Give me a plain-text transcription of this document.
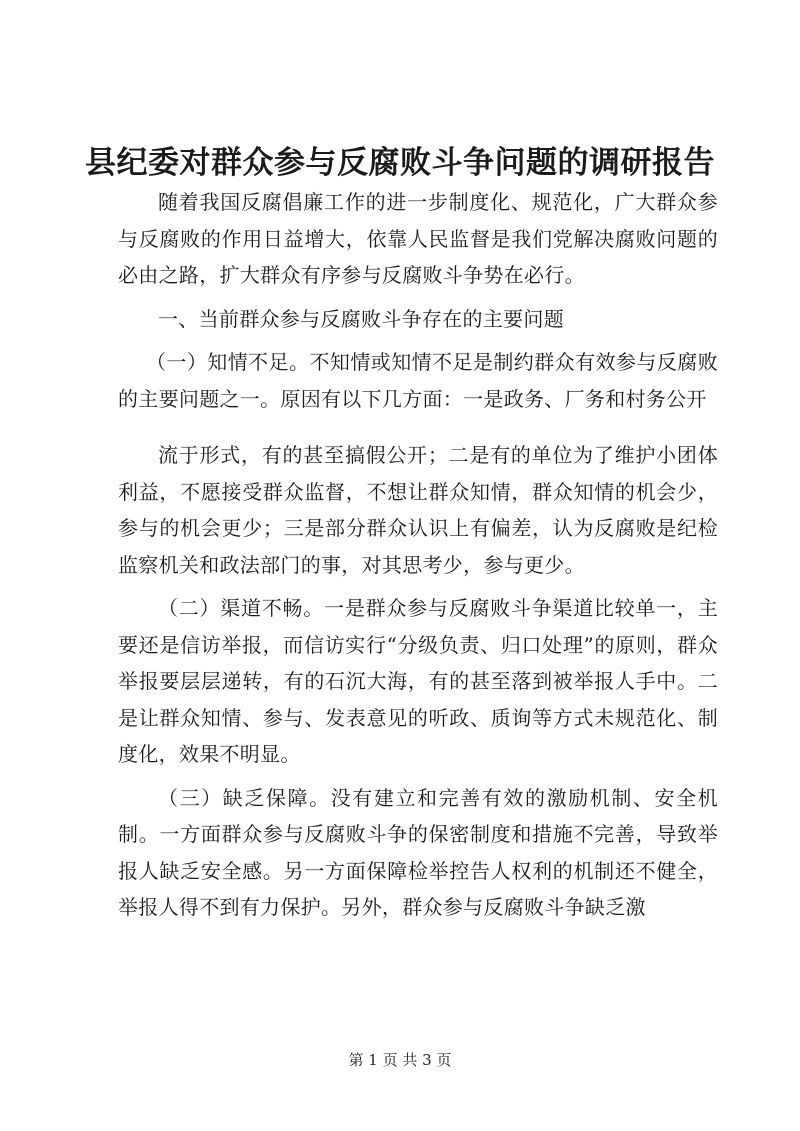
县纪委对群众参与反腐败斗争问题的调研报告

随着我国反腐倡廉工作的进一步制度化、规范化，广大群众参与反腐败的作用日益增大，依靠人民监督是我们党解决腐败问题的必由之路，扩大群众有序参与反腐败斗争势在必行。

一、当前群众参与反腐败斗争存在的主要问题

（一）知情不足。不知情或知情不足是制约群众有效参与反腐败的主要问题之一。原因有以下几方面：一是政务、厂务和村务公开

流于形式，有的甚至搞假公开；二是有的单位为了维护小团体利益，不愿接受群众监督，不想让群众知情，群众知情的机会少，参与的机会更少；三是部分群众认识上有偏差，认为反腐败是纪检监察机关和政法部门的事，对其思考少，参与更少。

（二）渠道不畅。一是群众参与反腐败斗争渠道比较单一，主要还是信访举报，而信访实行“分级负责、归口处理”的原则，群众举报要层层递转，有的石沉大海，有的甚至落到被举报人手中。二是让群众知情、参与、发表意见的听政、质询等方式未规范化、制度化，效果不明显。

（三）缺乏保障。没有建立和完善有效的激励机制、安全机制。一方面群众参与反腐败斗争的保密制度和措施不完善，导致举报人缺乏安全感。另一方面保障检举控告人权利的机制还不健全，举报人得不到有力保护。另外，群众参与反腐败斗争缺乏激

第 1 页 共 3 页
